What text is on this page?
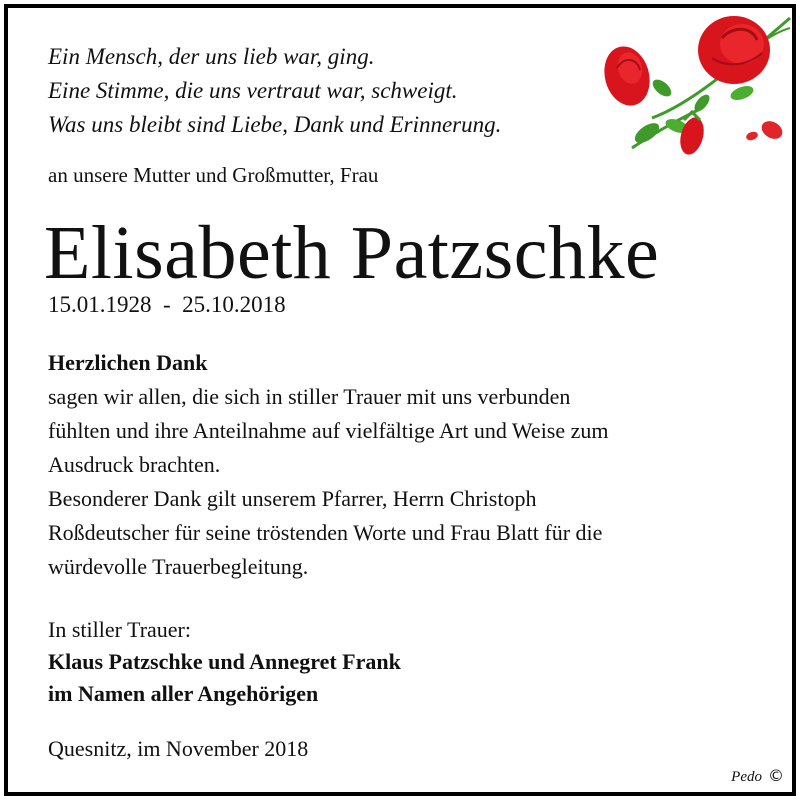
Ein Mensch, der uns lieb war, ging.
Eine Stimme, die uns vertraut war, schweigt.
Was uns bleibt sind Liebe, Dank und Erinnerung.
an unsere Mutter und Großmutter, Frau
Elisabeth Patzschke
15.01.1928  -  25.10.2018
Herzlichen Dank
sagen wir allen, die sich in stiller Trauer mit uns verbunden
fühlten und ihre Anteilnahme auf vielfältige Art und Weise zum
Ausdruck brachten.
Besonderer Dank gilt unserem Pfarrer, Herrn Christoph
Roßdeutscher für seine tröstenden Worte und Frau Blatt für die
würdevolle Trauerbegleitung.
In stiller Trauer:
Klaus Patzschke und Annegret Frank
im Namen aller Angehörigen
Quesnitz, im November 2018
Pedo ©
